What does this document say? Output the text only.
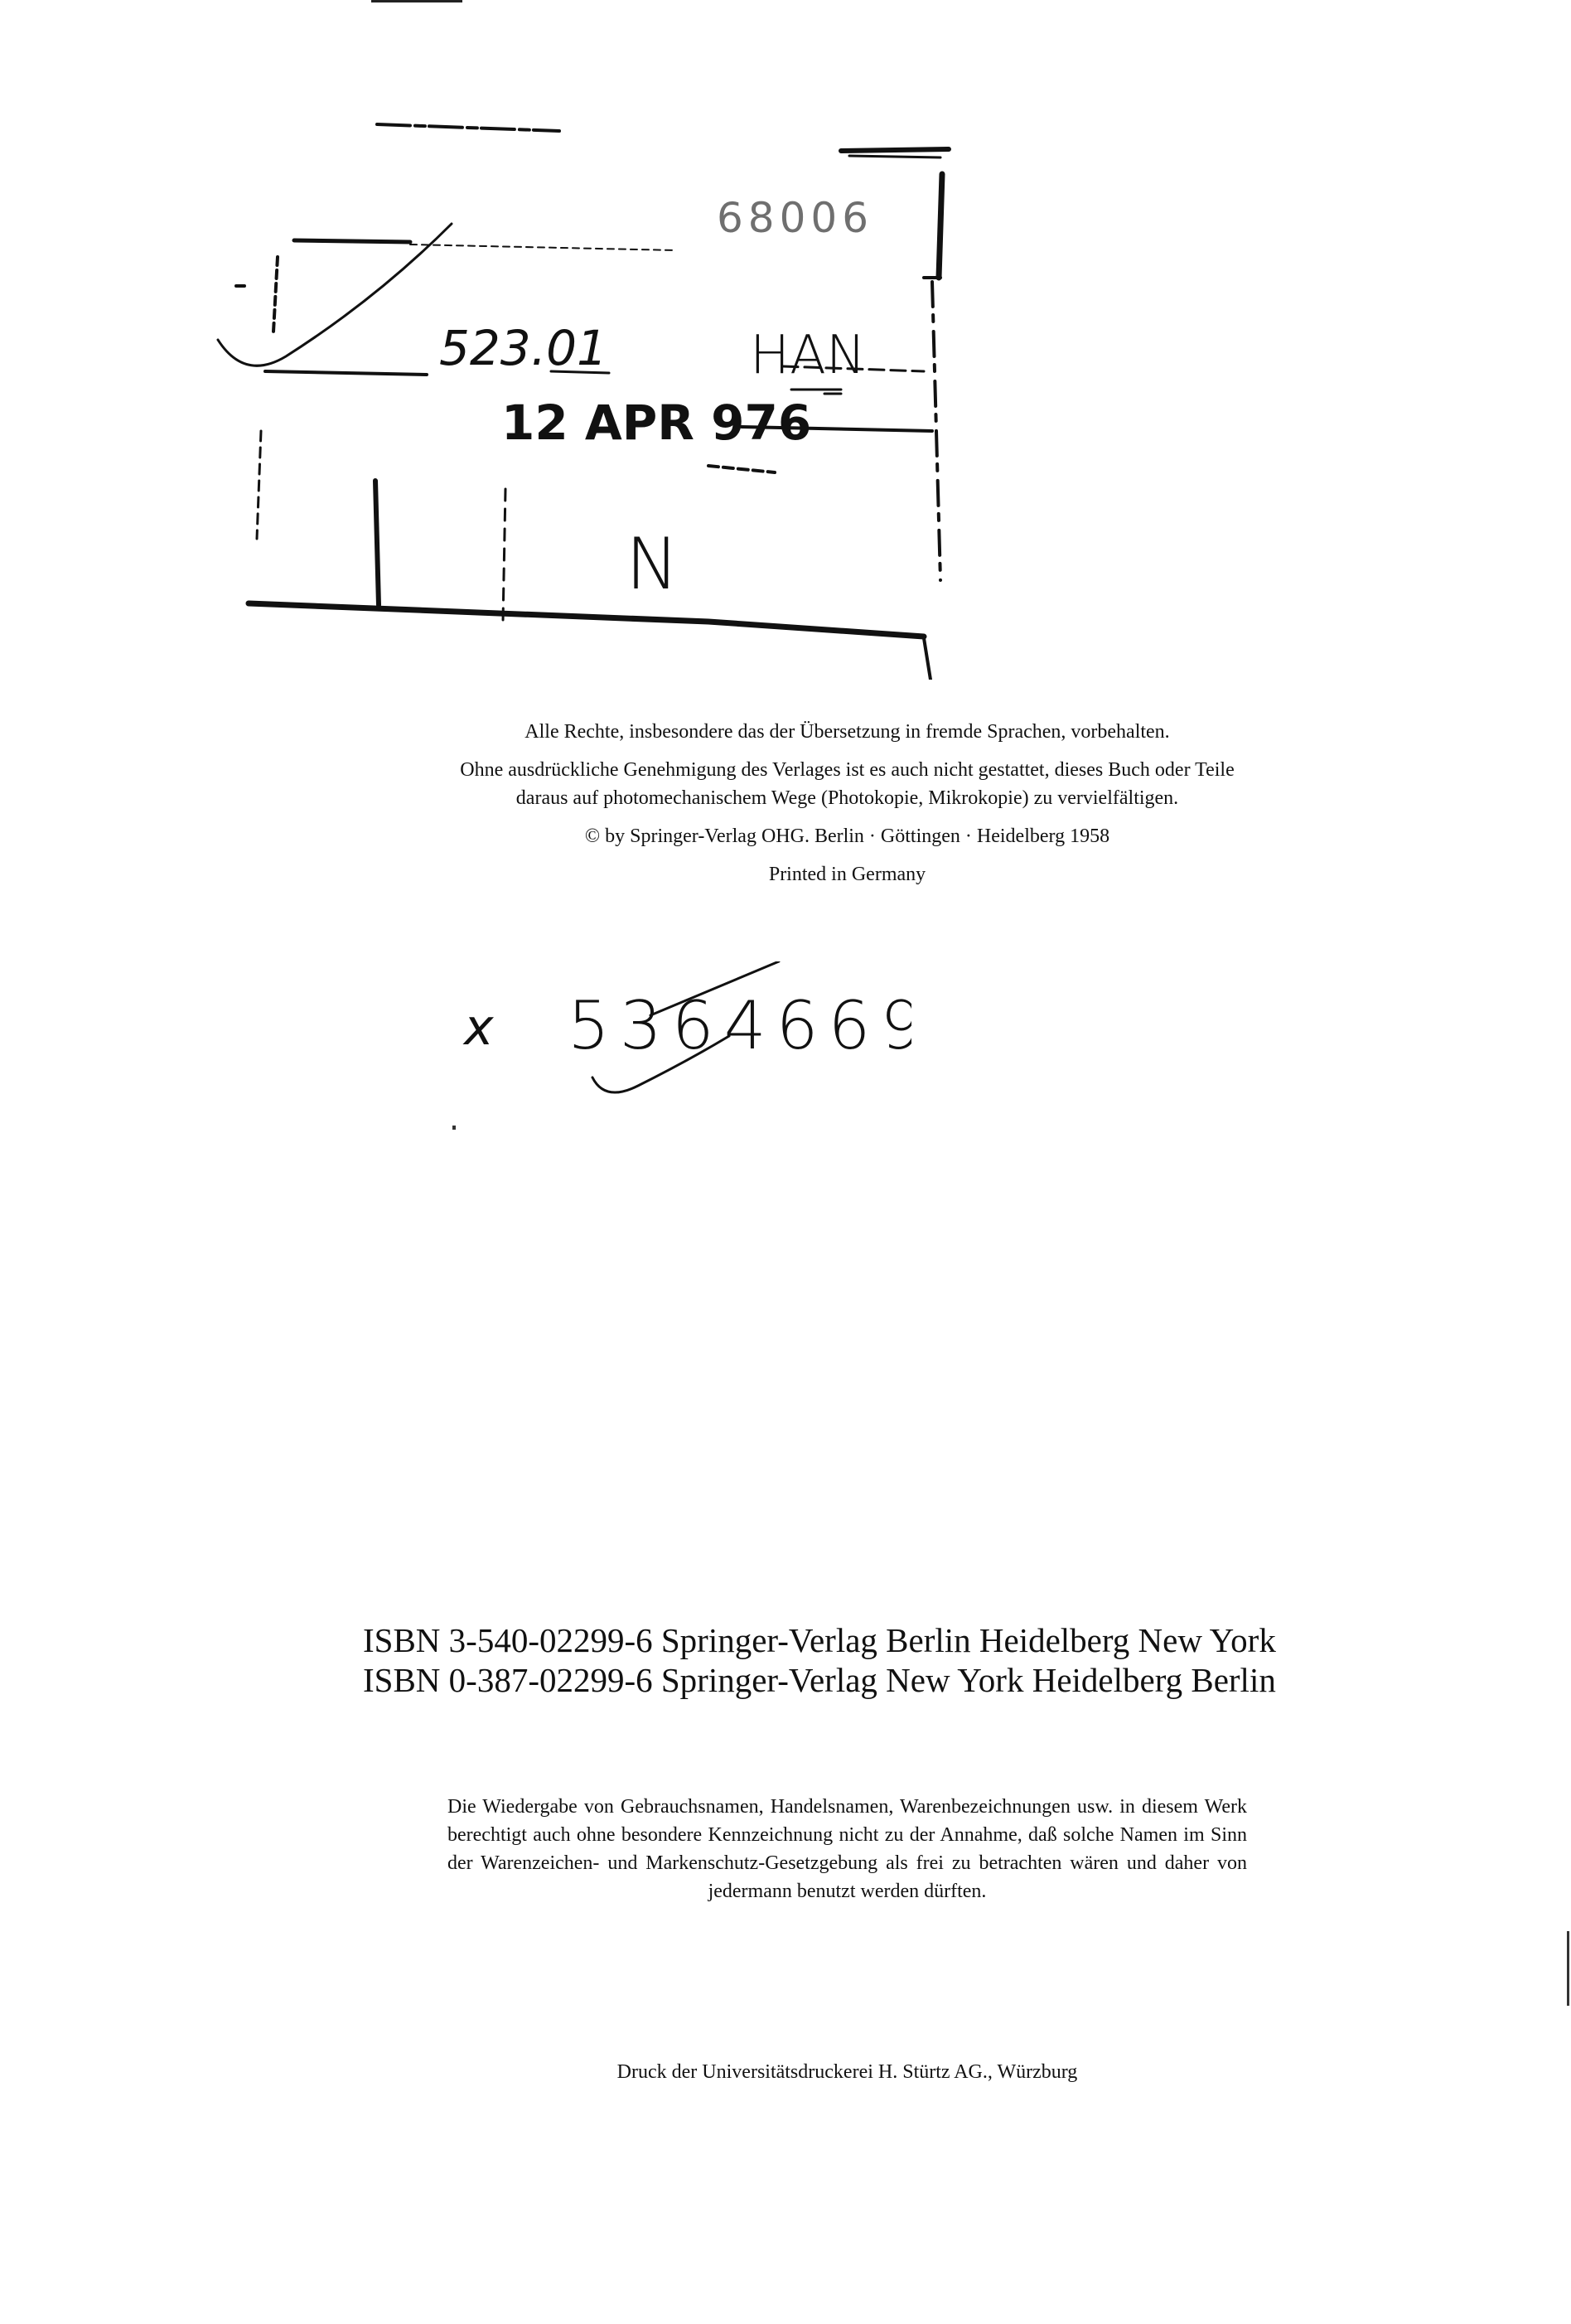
68006
523.01	HAN
12 APR 976
N

Alle Rechte, insbesondere das der Übersetzung in fremde Sprachen, vorbehalten.

Ohne ausdrückliche Genehmigung des Verlages ist es auch nicht gestattet, dieses Buch oder Teile daraus auf photomechanischem Wege (Photokopie, Mikrokopie) zu vervielfältigen.

© by Springer-Verlag OHG. Berlin · Göttingen · Heidelberg 1958

Printed in Germany

x 5364669
ISBN 3-540-02299-6 Springer-Verlag Berlin Heidelberg New York
ISBN 0-387-02299-6 Springer-Verlag New York Heidelberg Berlin
Die Wiedergabe von Gebrauchsnamen, Handelsnamen, Warenbezeichnungen usw. in diesem Werk berechtigt auch ohne besondere Kennzeichnung nicht zu der Annahme, daß solche Namen im Sinn der Warenzeichen- und Markenschutz-Gesetzgebung als frei zu betrachten wären und daher von jedermann benutzt werden dürften.
Druck der Universitätsdruckerei H. Stürtz AG., Würzburg
